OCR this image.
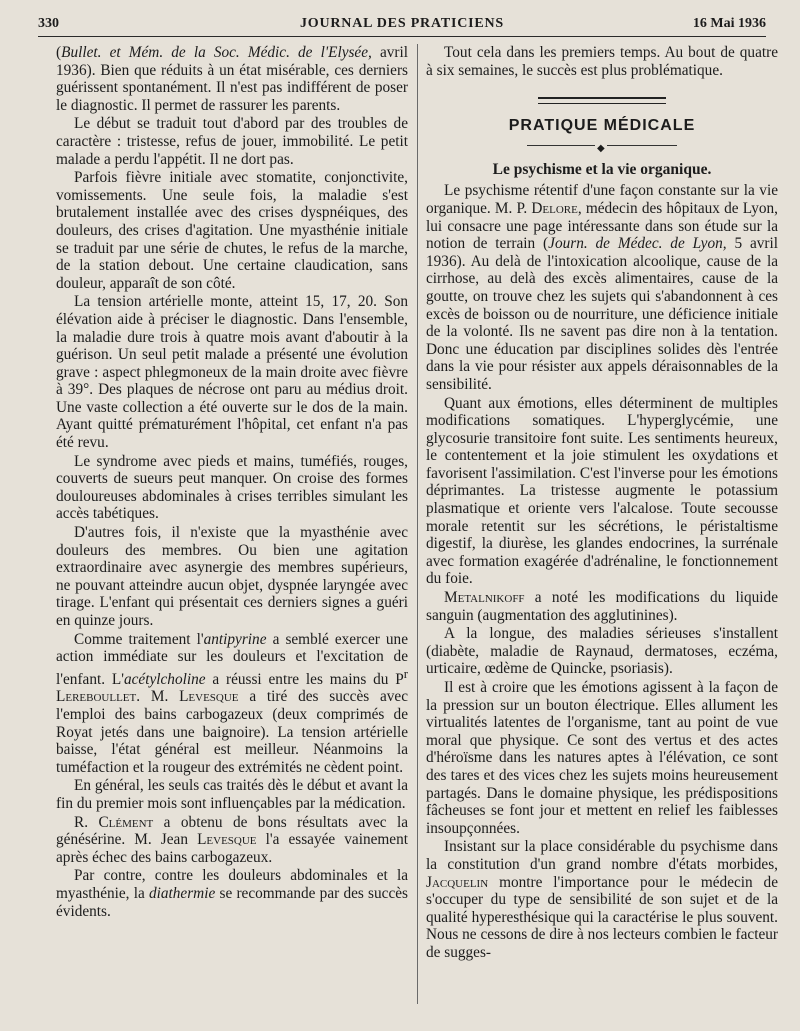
330	JOURNAL DES PRATICIENS	16 Mai 1936

(Bullet. et Mém. de la Soc. Médic. de l'Elysée, avril 1936). Bien que réduits à un état misérable, ces derniers guérissent spontanément. Il n'est pas indifférent de poser le diagnostic. Il permet de rassurer les parents.

Le début se traduit tout d'abord par des troubles de caractère : tristesse, refus de jouer, immobilité. Le petit malade a perdu l'appétit. Il ne dort pas.

Parfois fièvre initiale avec stomatite, conjonctivite, vomissements. Une seule fois, la maladie s'est brutalement installée avec des crises dyspnéiques, des douleurs, des crises d'agitation. Une myasthénie initiale se traduit par une série de chutes, le refus de la marche, de la station debout. Une certaine claudication, sans douleur, apparaît de son côté.

La tension artérielle monte, atteint 15, 17, 20. Son élévation aide à préciser le diagnostic. Dans l'ensemble, la maladie dure trois à quatre mois avant d'aboutir à la guérison. Un seul petit malade a présenté une évolution grave : aspect phlegmoneux de la main droite avec fièvre à 39°. Des plaques de nécrose ont paru au médius droit. Une vaste collection a été ouverte sur le dos de la main. Ayant quitté prématurément l'hôpital, cet enfant n'a pas été revu.

Le syndrome avec pieds et mains, tuméfiés, rouges, couverts de sueurs peut manquer. On croise des formes douloureuses abdominales à crises terribles simulant les accès tabétiques.

D'autres fois, il n'existe que la myasthénie avec douleurs des membres. Ou bien une agitation extraordinaire avec asynergie des membres supérieurs, ne pouvant atteindre aucun objet, dyspnée laryngée avec tirage. L'enfant qui présentait ces derniers signes a guéri en quinze jours.

Comme traitement l'antipyrine a semblé exercer une action immédiate sur les douleurs et l'excitation de l'enfant. L'acétylcholine a réussi entre les mains du $P^r$ Lereboullet. M. Levesque a tiré des succès avec l'emploi des bains carbogazeux (deux comprimés de Royat jetés dans une baignoire). La tension artérielle baisse, l'état général est meilleur. Néanmoins la tuméfaction et la rougeur des extrémités ne cèdent point.

En général, les seuls cas traités dès le début et avant la fin du premier mois sont influençables par la médication.

R. Clément a obtenu de bons résultats avec la génésérine. M. Jean Levesque l'a essayée vainement après échec des bains carbogazeux.

Par contre, contre les douleurs abdominales et la myasthénie, la diathermie se recommande par des succès évidents.

Tout cela dans les premiers temps. Au bout de quatre à six semaines, le succès est plus problématique.

PRATIQUE MÉDICALE
◆
Le psychisme et la vie organique.

Le psychisme rétentif d'une façon constante sur la vie organique. M. P. Delore, médecin des hôpitaux de Lyon, lui consacre une page intéressante dans son étude sur la notion de terrain (Journ. de Médec. de Lyon, 5 avril 1936). Au delà de l'intoxication alcoolique, cause de la cirrhose, au delà des excès alimentaires, cause de la goutte, on trouve chez les sujets qui s'abandonnent à ces excès de boisson ou de nourriture, une déficience initiale de la volonté. Ils ne savent pas dire non à la tentation. Donc une éducation par disciplines solides dès l'entrée dans la vie pour résister aux appels déraisonnables de la sensibilité.

Quant aux émotions, elles déterminent de multiples modifications somatiques. L'hyperglycémie, une glycosurie transitoire font suite. Les sentiments heureux, le contentement et la joie stimulent les oxydations et favorisent l'assimilation. C'est l'inverse pour les émotions déprimantes. La tristesse augmente le potassium plasmatique et oriente vers l'alcalose. Toute secousse morale retentit sur les sécrétions, le péristaltisme digestif, la diurèse, les glandes endocrines, la surrénale avec formation exagérée d'adrénaline, le fonctionnement du foie.

Metalnikoff a noté les modifications du liquide sanguin (augmentation des agglutinines).

A la longue, des maladies sérieuses s'installent (diabète, maladie de Raynaud, dermatoses, eczéma, urticaire, œdème de Quincke, psoriasis).

Il est à croire que les émotions agissent à la façon de la pression sur un bouton électrique. Elles allument les virtualités latentes de l'organisme, tant au point de vue moral que physique. Ce sont des vertus et des actes d'héroïsme dans les natures aptes à l'élévation, ce sont des tares et des vices chez les sujets moins heureusement partagés. Dans le domaine physique, les prédispositions fâcheuses se font jour et mettent en relief les faiblesses insoupçonnées.

Insistant sur la place considérable du psychisme dans la constitution d'un grand nombre d'états morbides, Jacquelin montre l'importance pour le médecin de s'occuper du type de sensibilité de son sujet et de la qualité hyperesthésique qui la caractérise le plus souvent. Nous ne cessons de dire à nos lecteurs combien le facteur de sugges-
